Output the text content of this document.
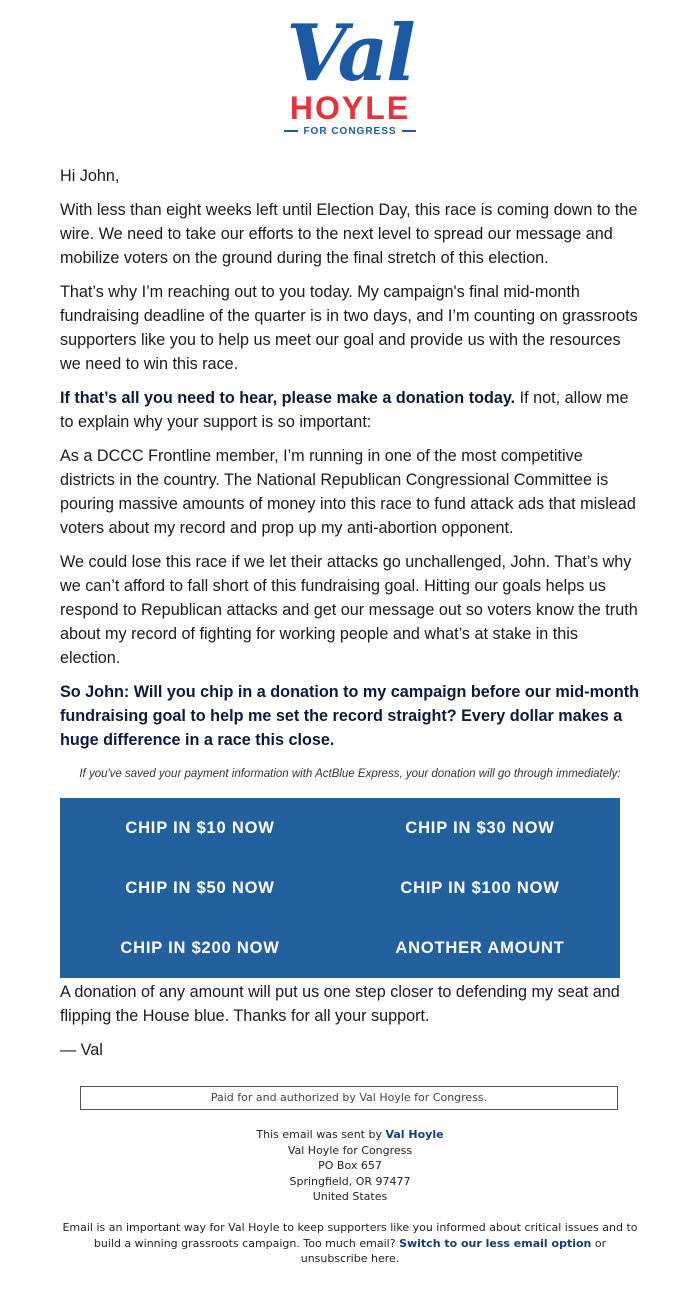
Val
HOYLE
FOR CONGRESS

Hi John,

With less than eight weeks left until Election Day, this race is coming down to the wire. We need to take our efforts to the next level to spread our message and mobilize voters on the ground during the final stretch of this election.

That’s why I’m reaching out to you today. My campaign's final mid-month fundraising deadline of the quarter is in two days, and I’m counting on grassroots supporters like you to help us meet our goal and provide us with the resources we need to win this race.

If that’s all you need to hear, please make a donation today. If not, allow me to explain why your support is so important:

As a DCCC Frontline member, I’m running in one of the most competitive districts in the country. The National Republican Congressional Committee is pouring massive amounts of money into this race to fund attack ads that mislead voters about my record and prop up my anti-abortion opponent.

We could lose this race if we let their attacks go unchallenged, John. That’s why we can’t afford to fall short of this fundraising goal. Hitting our goals helps us respond to Republican attacks and get our message out so voters know the truth about my record of fighting for working people and what’s at stake in this election.

So John: Will you chip in a donation to my campaign before our mid-month fundraising goal to help me set the record straight? Every dollar makes a huge difference in a race this close.

If you've saved your payment information with ActBlue Express, your donation will go through immediately:
CHIP IN $10 NOW	CHIP IN $30 NOW
CHIP IN $50 NOW	CHIP IN $100 NOW
CHIP IN $200 NOW	ANOTHER AMOUNT

A donation of any amount will put us one step closer to defending my seat and flipping the House blue. Thanks for all your support.

— Val

Paid for and authorized by Val Hoyle for Congress.
This email was sent by Val Hoyle
Val Hoyle for Congress
PO Box 657
Springfield, OR 97477
United States
Email is an important way for Val Hoyle to keep supporters like you informed about critical issues and to build a winning grassroots campaign. Too much email? Switch to our less email option or
unsubscribe here.
